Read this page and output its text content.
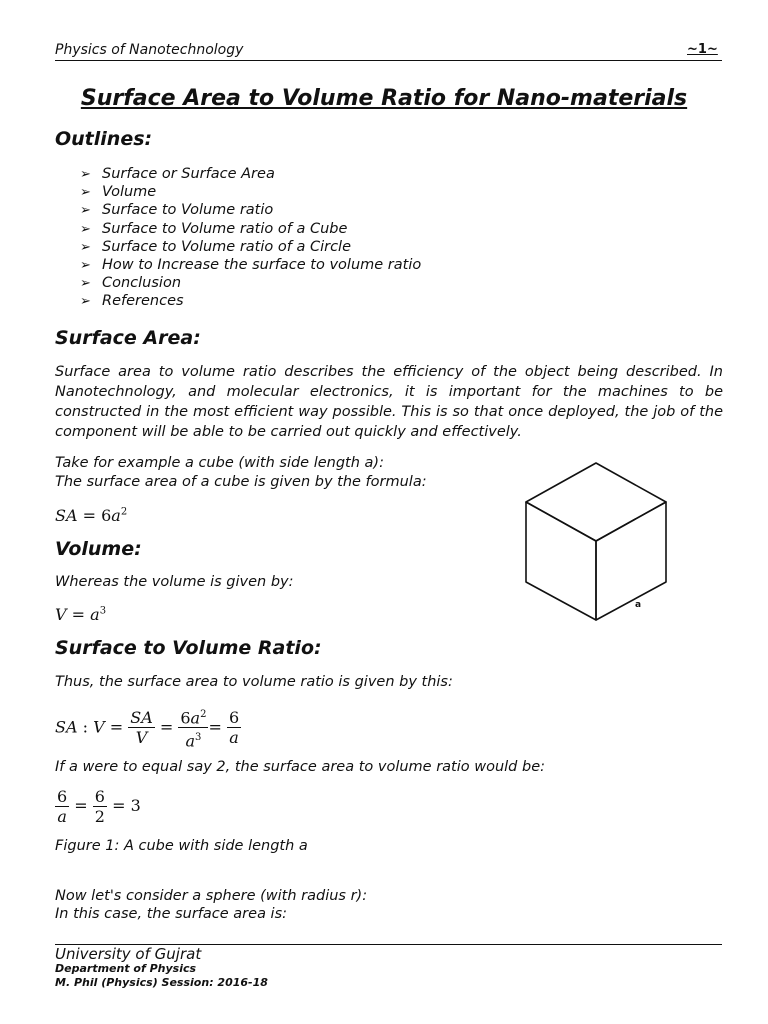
Physics of Nanotechnology	~1~
Surface Area to Volume Ratio for Nano-materials
Outlines:
➢ Surface or Surface Area
➢ Volume
➢ Surface to Volume ratio
➢ Surface to Volume ratio of a Cube
➢ Surface to Volume ratio of a Circle
➢ How to Increase the surface to volume ratio
➢ Conclusion
➢ References
Surface Area:
Surface area to volume ratio describes the efficiency of the object being described. In Nanotechnology, and molecular electronics, it is important for the machines to be constructed in the most efficient way possible. This is so that once deployed, the job of the component will be able to be carried out quickly and effectively.
Take for example a cube (with side length a):
The surface area of a cube is given by the formula:
SA = $6a^2$
a
Volume:
Whereas the volume is given by:
$V = a^3$
Surface to Volume Ratio:
Thus, the surface area to volume ratio is given by this:
SA : $V = \frac{SA}{V} = \frac{6a^2}{a^3} = \frac{6}{a}$
If a were to equal say 2, the surface area to volume ratio would be:
$\frac{6}{a} = \frac{6}{2} = 3$
Figure 1: A cube with side length a
Now let's consider a sphere (with radius r):
In this case, the surface area is:
University of Gujrat
Department of Physics
M. Phil (Physics) Session: 2016-18
